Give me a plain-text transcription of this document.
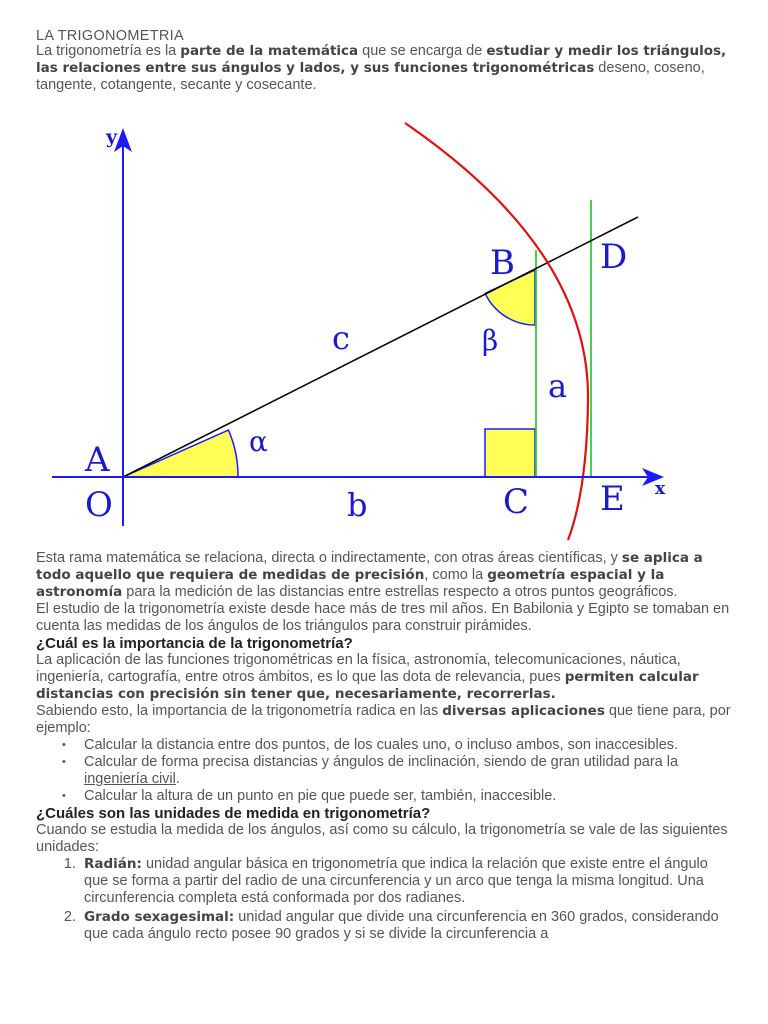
LA TRIGONOMETRIA
La trigonometría es la parte de la matemática que se encarga de estudiar y medir los triángulos, las relaciones entre sus ángulos y lados, y sus funciones trigonométricas deseno, coseno, tangente, cotangente, secante y cosecante.
y
x
A
O
B
C
D
E
a
b
c
α
β

Esta rama matemática se relaciona, directa o indirectamente, con otras áreas científicas, y se aplica a todo aquello que requiera de medidas de precisión, como la geometría espacial y la astronomía para la medición de las distancias entre estrellas respecto a otros puntos geográficos.

El estudio de la trigonometría existe desde hace más de tres mil años. En Babilonia y Egipto se tomaban en cuenta las medidas de los ángulos de los triángulos para construir pirámides.

¿Cuál es la importancia de la trigonometría?

La aplicación de las funciones trigonométricas en la física, astronomía, telecomunicaciones, náutica, ingeniería, cartografía, entre otros ámbitos, es lo que las dota de relevancia, pues permiten calcular distancias con precisión sin tener que, necesariamente, recorrerlas.

Sabiendo esto, la importancia de la trigonometría radica en las diversas aplicaciones que tiene para, por ejemplo:

• Calcular la distancia entre dos puntos, de los cuales uno, o incluso ambos, son inaccesibles.
• Calcular de forma precisa distancias y ángulos de inclinación, siendo de gran utilidad para la ingeniería civil.
• Calcular la altura de un punto en pie que puede ser, también, inaccesible.

¿Cuáles son las unidades de medida en trigonometría?

Cuando se estudia la medida de los ángulos, así como su cálculo, la trigonometría se vale de las siguientes unidades:

1. Radián: unidad angular básica en trigonometría que indica la relación que existe entre el ángulo que se forma a partir del radio de una circunferencia y un arco que tenga la misma longitud. Una circunferencia completa está conformada por dos radianes.
2. Grado sexagesimal: unidad angular que divide una circunferencia en 360 grados, considerando que cada ángulo recto posee 90 grados y si se divide la circunferencia a
